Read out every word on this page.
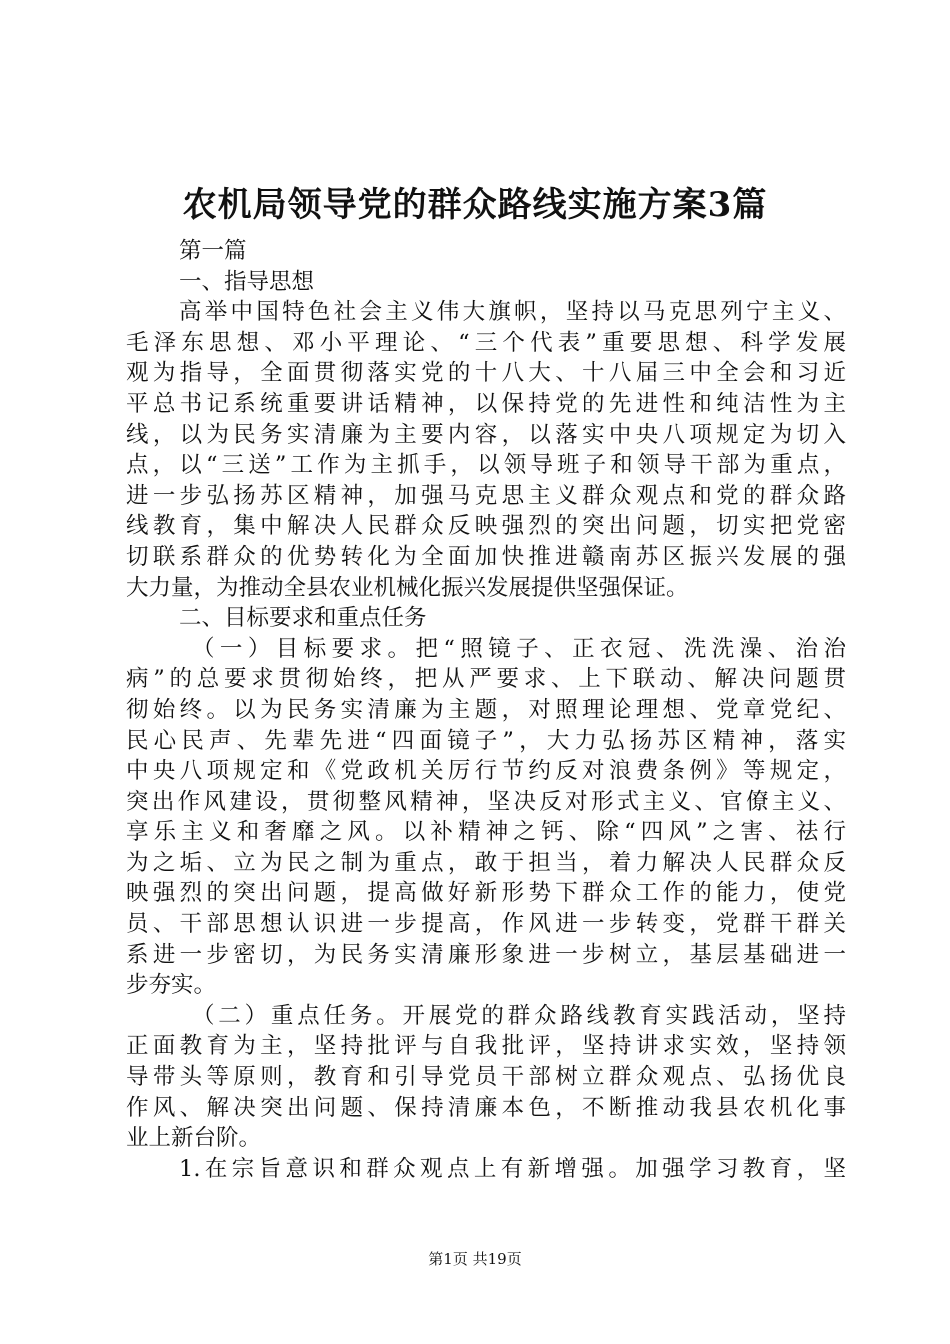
农机局领导党的群众路线实施方案3篇
第一篇
一、指导思想
高举中国特色社会主义伟大旗帜，坚持以马克思列宁主义、
毛泽东思想、邓小平理论、“三个代表”重要思想、科学发展
观为指导，全面贯彻落实党的十八大、十八届三中全会和习近
平总书记系统重要讲话精神，以保持党的先进性和纯洁性为主
线，以为民务实清廉为主要内容，以落实中央八项规定为切入
点，以“三送”工作为主抓手，以领导班子和领导干部为重点，
进一步弘扬苏区精神，加强马克思主义群众观点和党的群众路
线教育，集中解决人民群众反映强烈的突出问题，切实把党密
切联系群众的优势转化为全面加快推进赣南苏区振兴发展的强
大力量，为推动全县农业机械化振兴发展提供坚强保证。
二、目标要求和重点任务
（一）目标要求。把“照镜子、正衣冠、洗洗澡、治治
病”的总要求贯彻始终，把从严要求、上下联动、解决问题贯
彻始终。以为民务实清廉为主题，对照理论理想、党章党纪、
民心民声、先辈先进“四面镜子”，大力弘扬苏区精神，落实
中央八项规定和《党政机关厉行节约反对浪费条例》等规定，
突出作风建设，贯彻整风精神，坚决反对形式主义、官僚主义、
享乐主义和奢靡之风。以补精神之钙、除“四风”之害、祛行
为之垢、立为民之制为重点，敢于担当，着力解决人民群众反
映强烈的突出问题，提高做好新形势下群众工作的能力，使党
员、干部思想认识进一步提高，作风进一步转变，党群干群关
系进一步密切，为民务实清廉形象进一步树立，基层基础进一
步夯实。
（二）重点任务。开展党的群众路线教育实践活动，坚持
正面教育为主，坚持批评与自我批评，坚持讲求实效，坚持领
导带头等原则，教育和引导党员干部树立群众观点、弘扬优良
作风、解决突出问题、保持清廉本色，不断推动我县农机化事
业上新台阶。
1.在宗旨意识和群众观点上有新增强。加强学习教育，坚
第1页 共19页
